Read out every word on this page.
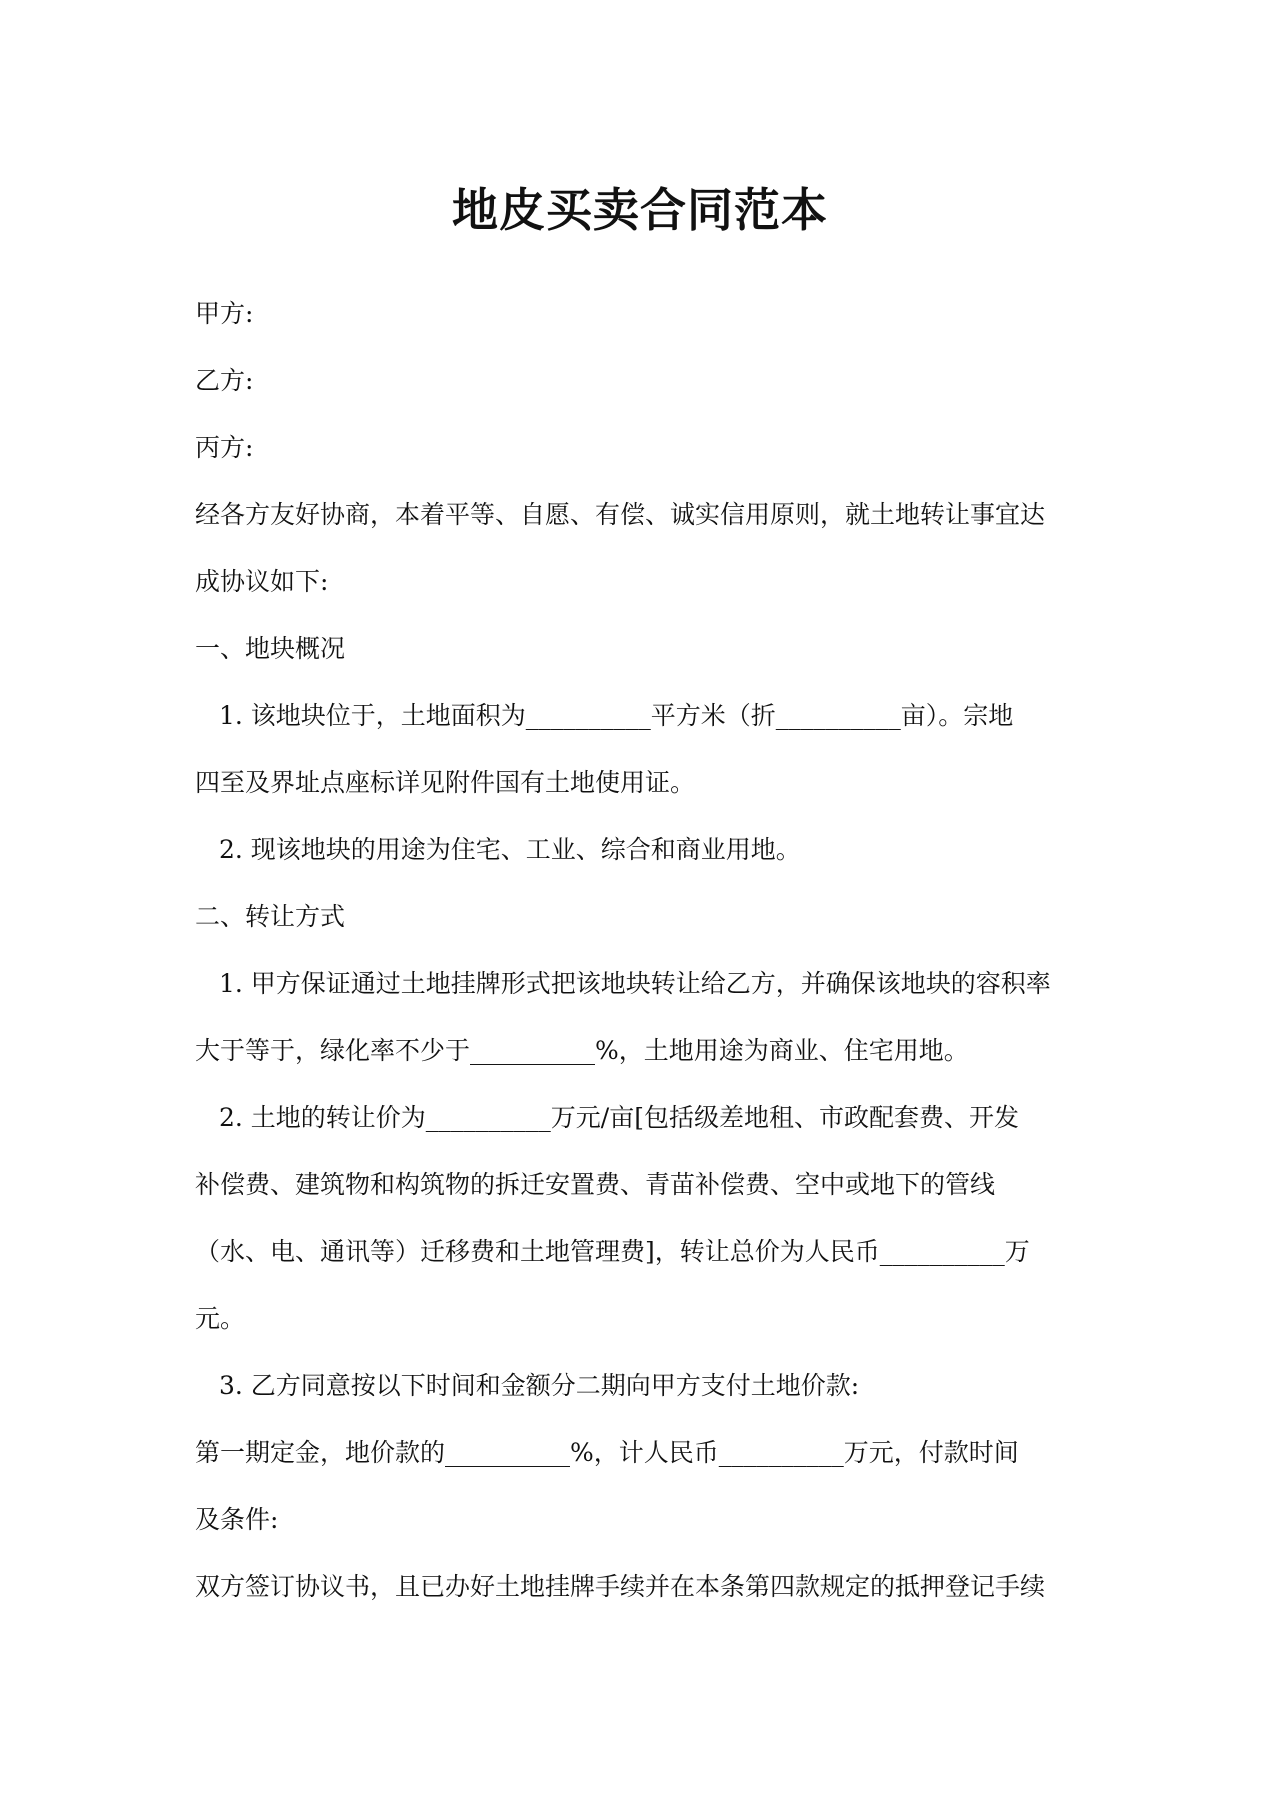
地皮买卖合同范本
甲方:
乙方:
丙方:
经各方友好协商，本着平等、自愿、有偿、诚实信用原则，就土地转让事宜达
成协议如下:
一、地块概况
1. 该地块位于，土地面积为__________平方米（折__________亩）。宗地
四至及界址点座标详见附件国有土地使用证。
2. 现该地块的用途为住宅、工业、综合和商业用地。
二、转让方式
1. 甲方保证通过土地挂牌形式把该地块转让给乙方，并确保该地块的容积率
大于等于，绿化率不少于__________%，土地用途为商业、住宅用地。
2. 土地的转让价为__________万元/亩[包括级差地租、市政配套费、开发
补偿费、建筑物和构筑物的拆迁安置费、青苗补偿费、空中或地下的管线
（水、电、通讯等）迁移费和土地管理费]，转让总价为人民币__________万
元。
3. 乙方同意按以下时间和金额分二期向甲方支付土地价款:
第一期定金，地价款的__________%，计人民币__________万元，付款时间
及条件:
双方签订协议书，且已办好土地挂牌手续并在本条第四款规定的抵押登记手续
